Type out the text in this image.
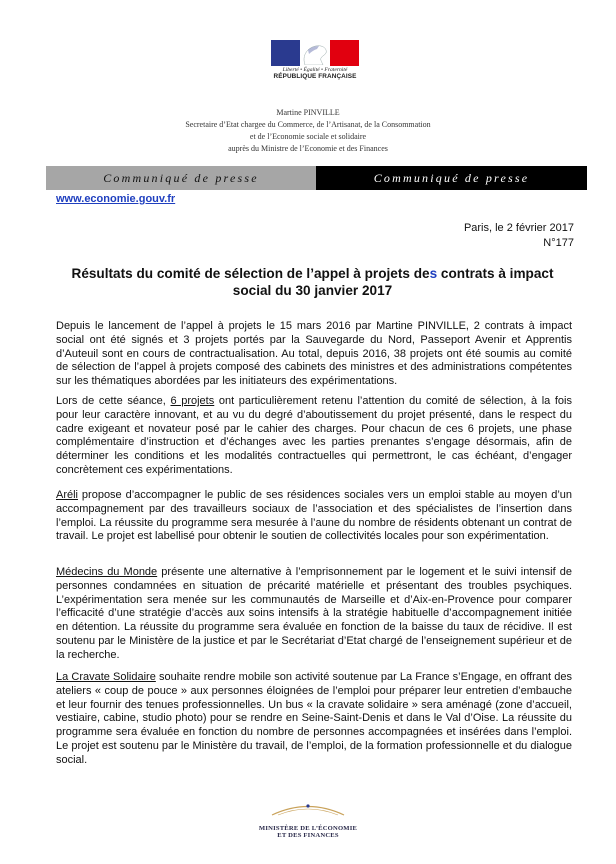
Liberté • Égalité • Fraternité
RÉPUBLIQUE FRANÇAISE
Martine PINVILLE
Secretaire d’Etat chargee du Commerce, de l’Artisanat, de la Consommation
et de l’Economie sociale et solidaire
auprès du Ministre de l’Economie et des Finances
Communiqué de presse	Communiqué de presse
www.economie.gouv.fr
Paris, le 2 février 2017
N°177
Résultats du comité de sélection de l’appel à projets des contrats à impact social du 30 janvier 2017
Depuis le lancement de l’appel à projets le 15 mars 2016 par Martine PINVILLE, 2 contrats à impact social ont été signés et 3 projets portés par la Sauvegarde du Nord, Passeport Avenir et Apprentis d’Auteuil sont en cours de contractualisation. Au total, depuis 2016, 38 projets ont été soumis au comité de sélection de l’appel à projets composé des cabinets des ministres et des administrations compétentes sur les thématiques abordées par les initiateurs des expérimentations.
Lors de cette séance, 6 projets ont particulièrement retenu l’attention du comité de sélection, à la fois pour leur caractère innovant, et au vu du degré d’aboutissement du projet présenté, dans le respect du cadre exigeant et novateur posé par le cahier des charges. Pour chacun de ces 6 projets, une phase complémentaire d’instruction et d’échanges avec les parties prenantes s’engage désormais, afin de déterminer les conditions et les modalités contractuelles qui permettront, le cas échéant, d’engager concrètement ces expérimentations.
Aréli propose d’accompagner le public de ses résidences sociales vers un emploi stable au moyen d’un accompagnement par des travailleurs sociaux de l’association et des spécialistes de l’insertion dans l’emploi. La réussite du programme sera mesurée à l’aune du nombre de résidents obtenant un contrat de travail. Le projet est labellisé pour obtenir le soutien de collectivités locales pour son expérimentation.
Médecins du Monde présente une alternative à l’emprisonnement par le logement et le suivi intensif de personnes condamnées en situation de précarité matérielle et présentant des troubles psychiques. L’expérimentation sera menée sur les communautés de Marseille et d’Aix-en-Provence pour comparer l’efficacité d’une stratégie d’accès aux soins intensifs à la stratégie habituelle d’accompagnement initiée en détention. La réussite du programme sera évaluée en fonction de la baisse du taux de récidive. Il est soutenu par le Ministère de la justice et par le Secrétariat d’Etat chargé de l’enseignement supérieur et de la recherche.
La Cravate Solidaire souhaite rendre mobile son activité soutenue par La France s’Engage, en offrant des ateliers « coup de pouce » aux personnes éloignées de l’emploi pour préparer leur entretien d’embauche et leur fournir des tenues professionnelles. Un bus « la cravate solidaire » sera aménagé (zone d’accueil, vestiaire, cabine, studio photo) pour se rendre en Seine-Saint-Denis et dans le Val d’Oise. La réussite du programme sera évaluée en fonction du nombre de personnes accompagnées et insérées dans l’emploi. Le projet est soutenu par le Ministère du travail, de l’emploi, de la formation professionnelle et du dialogue social.
MINISTÈRE DE L’ÉCONOMIE
ET DES FINANCES
